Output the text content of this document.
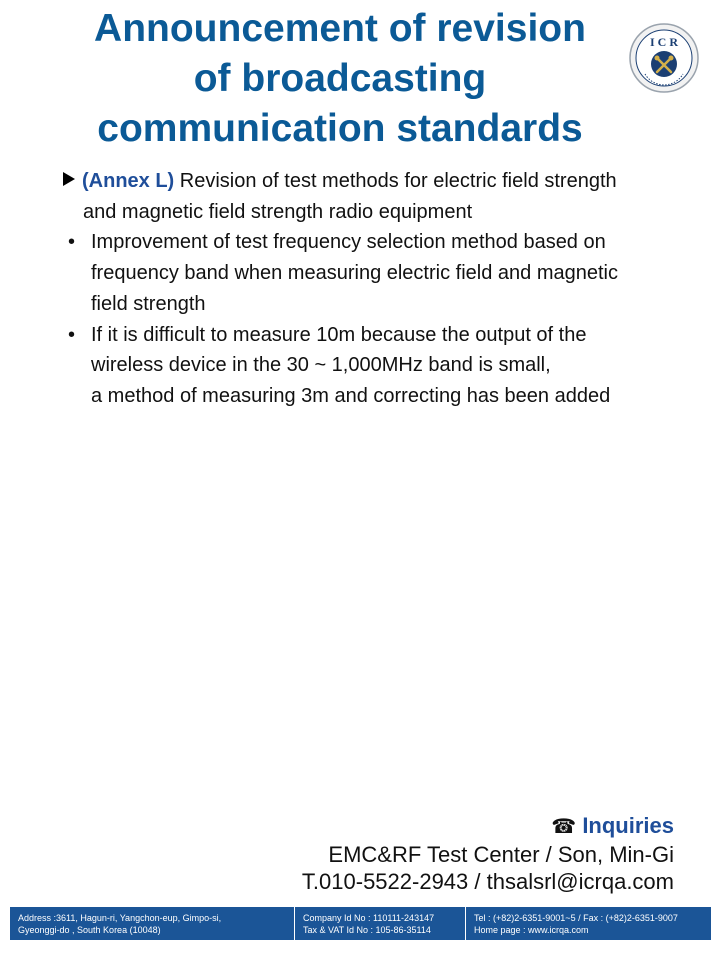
Announcement of revision
of broadcasting
communication standards
I C R
(Annex L) Revision of test methods for electric field strength
and magnetic field strength radio equipment
• Improvement of test frequency selection method based on
frequency band when measuring electric field and magnetic
field strength
• If it is difficult to measure 10m because the output of the
wireless device in the 30 ~ 1,000MHz band is small,
a method of measuring 3m and correcting has been added
☎ Inquiries
EMC&RF Test Center / Son, Min-Gi
T.010-5522-2943 / thsalsrl@icrqa.com
Address :3611, Hagun-ri, Yangchon-eup, Gimpo-si,
Gyeonggi-do , South Korea (10048)
Company Id No : 110111-243147
Tax & VAT Id No : 105-86-35114
Tel : (+82)2-6351-9001~5 / Fax : (+82)2-6351-9007
Home page : www.icrqa.com
